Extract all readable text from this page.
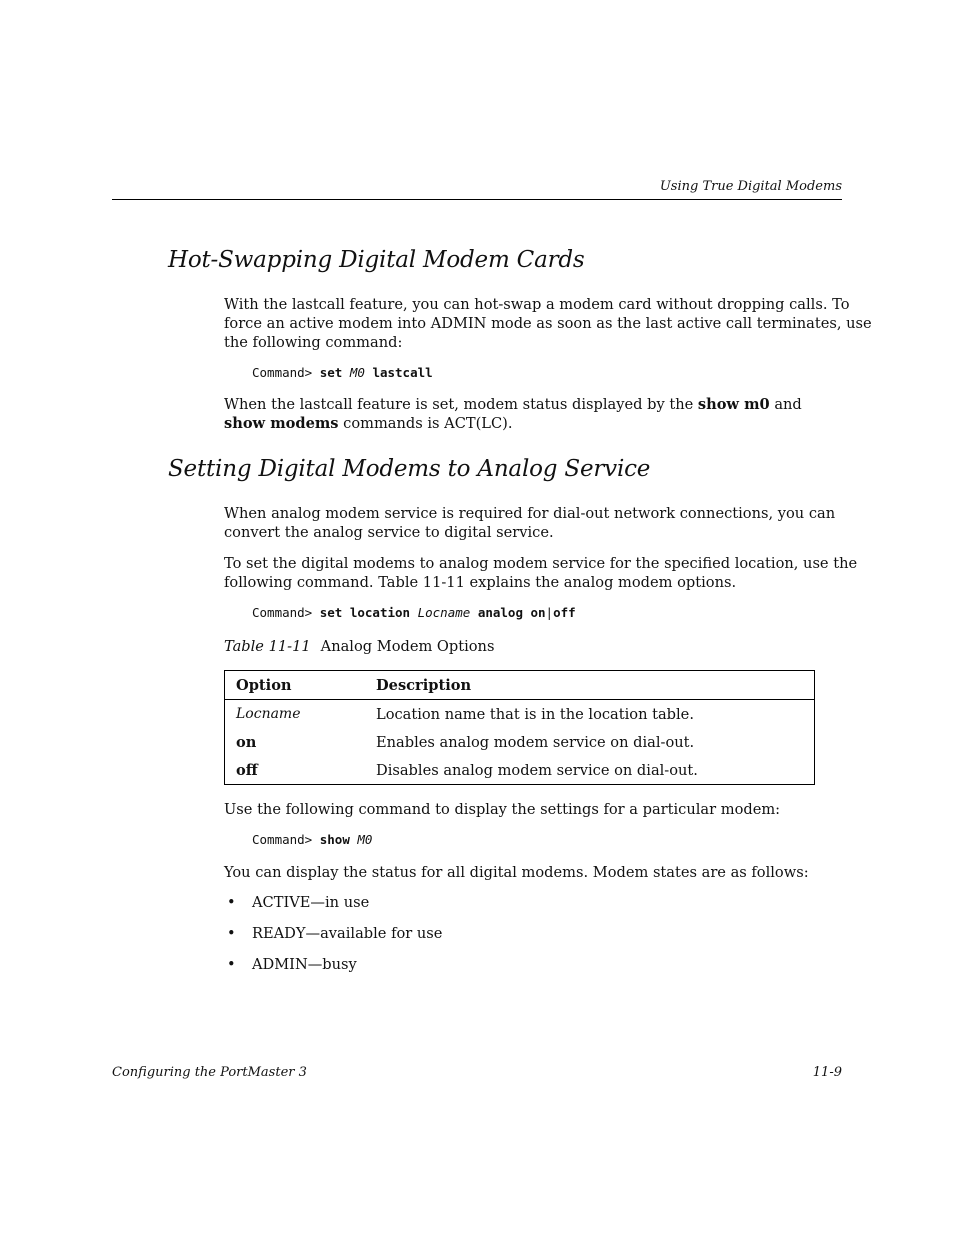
Using True Digital Modems
Hot-Swapping Digital Modem Cards

With the lastcall feature, you can hot-swap a modem card without dropping calls. To

force an active modem into ADMIN mode as soon as the last active call terminates, use

the following command:

Command> set M0 lastcall

When the lastcall feature is set, modem status displayed by the show m0 and

show modems commands is ACT(LC).

Setting Digital Modems to Analog Service

When analog modem service is required for dial-out network connections, you can

convert the analog service to digital service.

To set the digital modems to analog modem service for the specified location, use the

following command. Table 11-11 explains the analog modem options.

Command> set location Locname analog on|off
Table 11-11 Analog Modem Options
Option	Description
Locname	Location name that is in the location table.
on	Enables analog modem service on dial-out.
off	Disables analog modem service on dial-out.
Use the following command to display the settings for a particular modem:
Command> show M0
You can display the status for all digital modems. Modem states are as follows:
• ACTIVE—in use
• READY—available for use
• ADMIN—busy
Configuring the PortMaster 3	11-9
